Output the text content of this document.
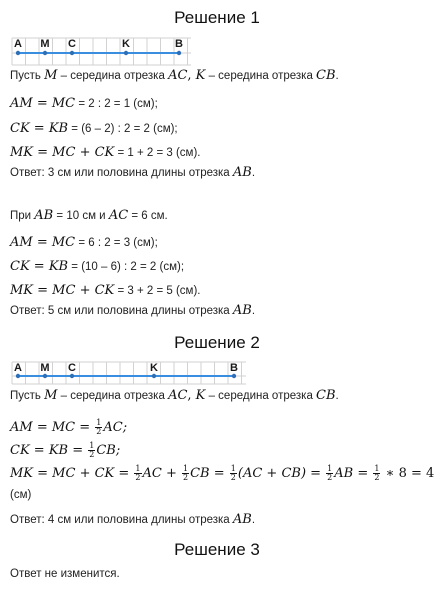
Решение 1
A M C	K	B
Пусть M – середина отрезка AC, K – середина отрезка CB.
AM = MC = 2 : 2 = 1 (см);
CK = KB = (6 – 2) : 2 = 2 (см);
MK = MC + CK = 1 + 2 = 3 (см).
Ответ: 3 см или половина длины отрезка AB.
При AB = 10 см и AC = 6 см.
AM = MC = 6 : 2 = 3 (см);
CK = KB = (10 – 6) : 2 = 2 (см);
MK = MC + CK = 3 + 2 = 5 (см).
Ответ: 5 см или половина длины отрезка AB.
Решение 2
A M C	K	B
Пусть M – середина отрезка AC, K – середина отрезка CB.
AM = MC = $\frac{1}{2}$ AC;
CK = KB = $\frac{1}{2}$ CB;
MK = MC + CK = $\frac{1}{2}$ AC + $\frac{1}{2}$ CB = $\frac{1}{2} (AC + CB) = \frac{1}{2}$ AB = $\frac{1}{2}$ ∗ 8 = 4
(см)
Ответ: 4 см или половина длины отрезка AB.
Решение 3
Ответ не изменится.
